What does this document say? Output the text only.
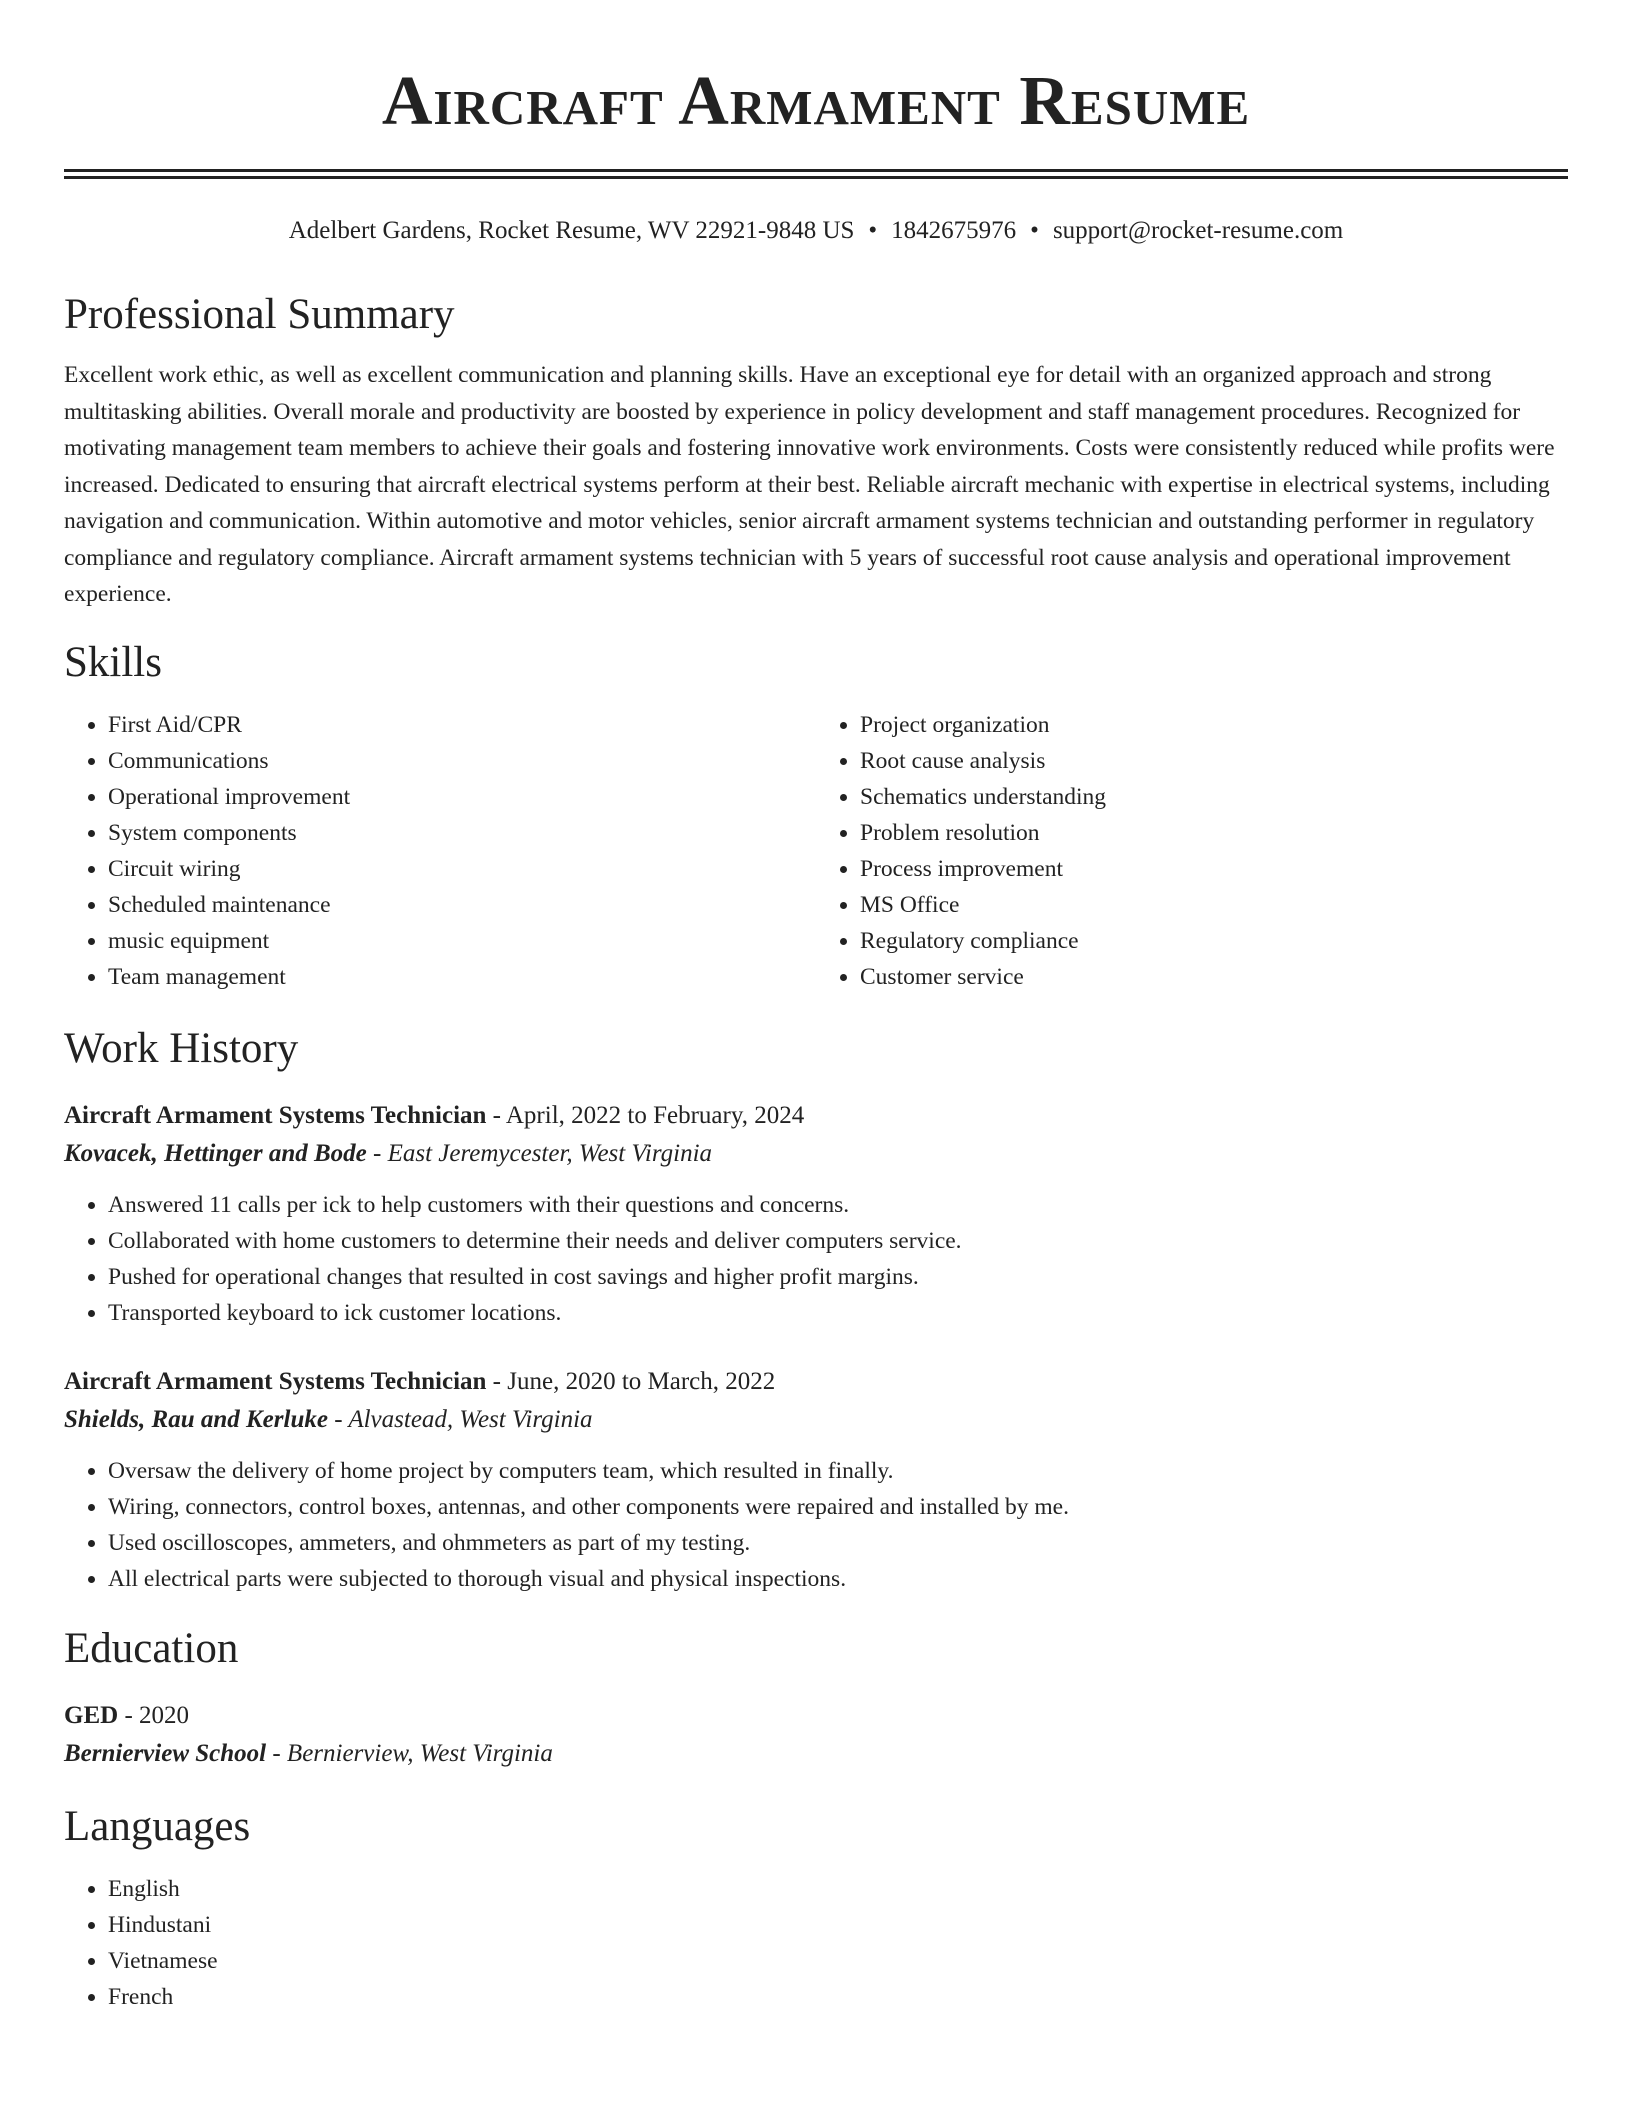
Aircraft Armament Resume
Adelbert Gardens, Rocket Resume, WV 22921-9848 US • 1842675976 • support@rocket-resume.com
Professional Summary

Excellent work ethic, as well as excellent communication and planning skills. Have an exceptional eye for detail with an organized approach and strong multitasking abilities. Overall morale and productivity are boosted by experience in policy development and staff management procedures. Recognized for motivating management team members to achieve their goals and fostering innovative work environments. Costs were consistently reduced while profits were increased. Dedicated to ensuring that aircraft electrical systems perform at their best. Reliable aircraft mechanic with expertise in electrical systems, including navigation and communication. Within automotive and motor vehicles, senior aircraft armament systems technician and outstanding performer in regulatory compliance and regulatory compliance. Aircraft armament systems technician with 5 years of successful root cause analysis and operational improvement experience.

Skills
• First Aid/CPR
• Communications
• Operational improvement
• System components
• Circuit wiring
• Scheduled maintenance
• music equipment
• Team management
• Project organization
• Root cause analysis
• Schematics understanding
• Problem resolution
• Process improvement
• MS Office
• Regulatory compliance
• Customer service
Work History
Aircraft Armament Systems Technician - April, 2022 to February, 2024
Kovacek, Hettinger and Bode - East Jeremycester, West Virginia
• Answered 11 calls per ick to help customers with their questions and concerns.
• Collaborated with home customers to determine their needs and deliver computers service.
• Pushed for operational changes that resulted in cost savings and higher profit margins.
• Transported keyboard to ick customer locations.
Aircraft Armament Systems Technician - June, 2020 to March, 2022
Shields, Rau and Kerluke - Alvastead, West Virginia
• Oversaw the delivery of home project by computers team, which resulted in finally.
• Wiring, connectors, control boxes, antennas, and other components were repaired and installed by me.
• Used oscilloscopes, ammeters, and ohmmeters as part of my testing.
• All electrical parts were subjected to thorough visual and physical inspections.
Education
GED - 2020
Bernierview School - Bernierview, West Virginia
Languages
• English
• Hindustani
• Vietnamese
• French
